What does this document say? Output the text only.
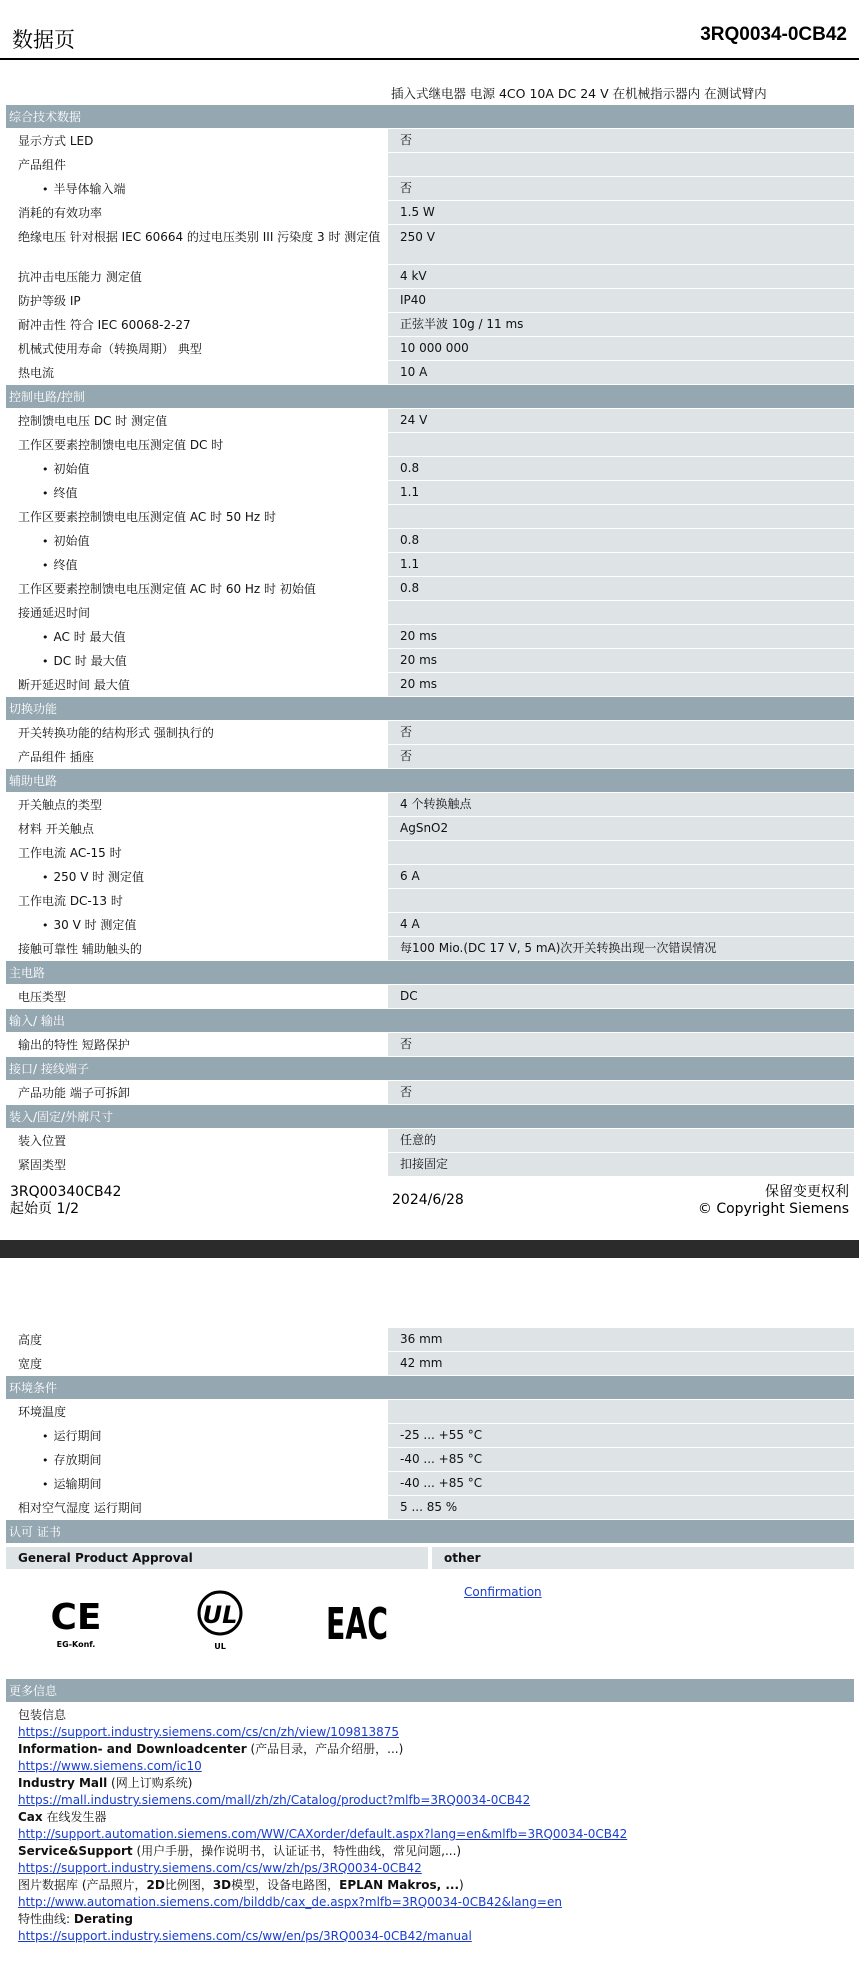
数据页	3RQ0034-0CB42
插入式继电器 电源 4CO 10A DC 24 V 在机械指示器内 在测试臂内
综合技术数据
显示方式 LED	否
产品组件
• 半导体输入端	否
消耗的有效功率	1.5 W
绝缘电压 针对根据 IEC 60664 的过电压类别 III 污染度 3 时 测定值	250 V
抗冲击电压能力 测定值	4 kV
防护等级 IP	IP40
耐冲击性 符合 IEC 60068-2-27	正弦半波 10g / 11 ms
机械式使用寿命（转换周期） 典型	10 000 000
热电流	10 A
控制电路/控制
控制馈电电压 DC 时 测定值	24 V
工作区要素控制馈电电压测定值 DC 时
• 初始值	0.8
• 终值	1.1
工作区要素控制馈电电压测定值 AC 时 50 Hz 时
• 初始值	0.8
• 终值	1.1
工作区要素控制馈电电压测定值 AC 时 60 Hz 时 初始值	0.8
接通延迟时间
• AC 时 最大值	20 ms
• DC 时 最大值	20 ms
断开延迟时间 最大值	20 ms
切换功能
开关转换功能的结构形式 强制执行的	否
产品组件 插座	否
辅助电路
开关触点的类型	4 个转换触点
材料 开关触点	AgSnO2
工作电流 AC-15 时
• 250 V 时 测定值	6 A
工作电流 DC-13 时
• 30 V 时 测定值	4 A
接触可靠性 辅助触头的	每100 Mio.(DC 17 V, 5 mA)次开关转换出现一次错误情况
主电路
电压类型	DC
输入/ 输出
输出的特性 短路保护	否
接口/ 接线端子
产品功能 端子可拆卸	否
装入/固定/外廓尺寸
装入位置	任意的
紧固类型	扣接固定
3RQ00340CB42
起始页 1/2
2024/6/28	保留变更权利
© Copyright Siemens
高度	36 mm
宽度	42 mm
环境条件
环境温度
• 运行期间	-25 ... +55 °C
• 存放期间	-40 ... +85 °C
• 运输期间	-40 ... +85 °C
相对空气湿度 运行期间	5 ... 85 %
认可 证书
General Product Approval	other
CE
EG-Konf.
UL
UL EAC
Confirmation
更多信息
包装信息
https://support.industry.siemens.com/cs/cn/zh/view/109813875
Information- and Downloadcenter (产品目录，产品介绍册，...)
https://www.siemens.com/ic10
Industry Mall (网上订购系统)
https://mall.industry.siemens.com/mall/zh/zh/Catalog/product?mlfb=3RQ0034-0CB42
Cax 在线发生器
http://support.automation.siemens.com/WW/CAXorder/default.aspx?lang=en&mlfb=3RQ0034-0CB42
Service&Support (用户手册，操作说明书，认证证书，特性曲线，常见问题,...)
https://support.industry.siemens.com/cs/ww/zh/ps/3RQ0034-0CB42
图片数据库 (产品照片，2D比例图，3D模型，设备电路图，EPLAN Makros, ...)
http://www.automation.siemens.com/bilddb/cax_de.aspx?mlfb=3RQ0034-0CB42&lang=en
特性曲线: Derating
https://support.industry.siemens.com/cs/ww/en/ps/3RQ0034-0CB42/manual
